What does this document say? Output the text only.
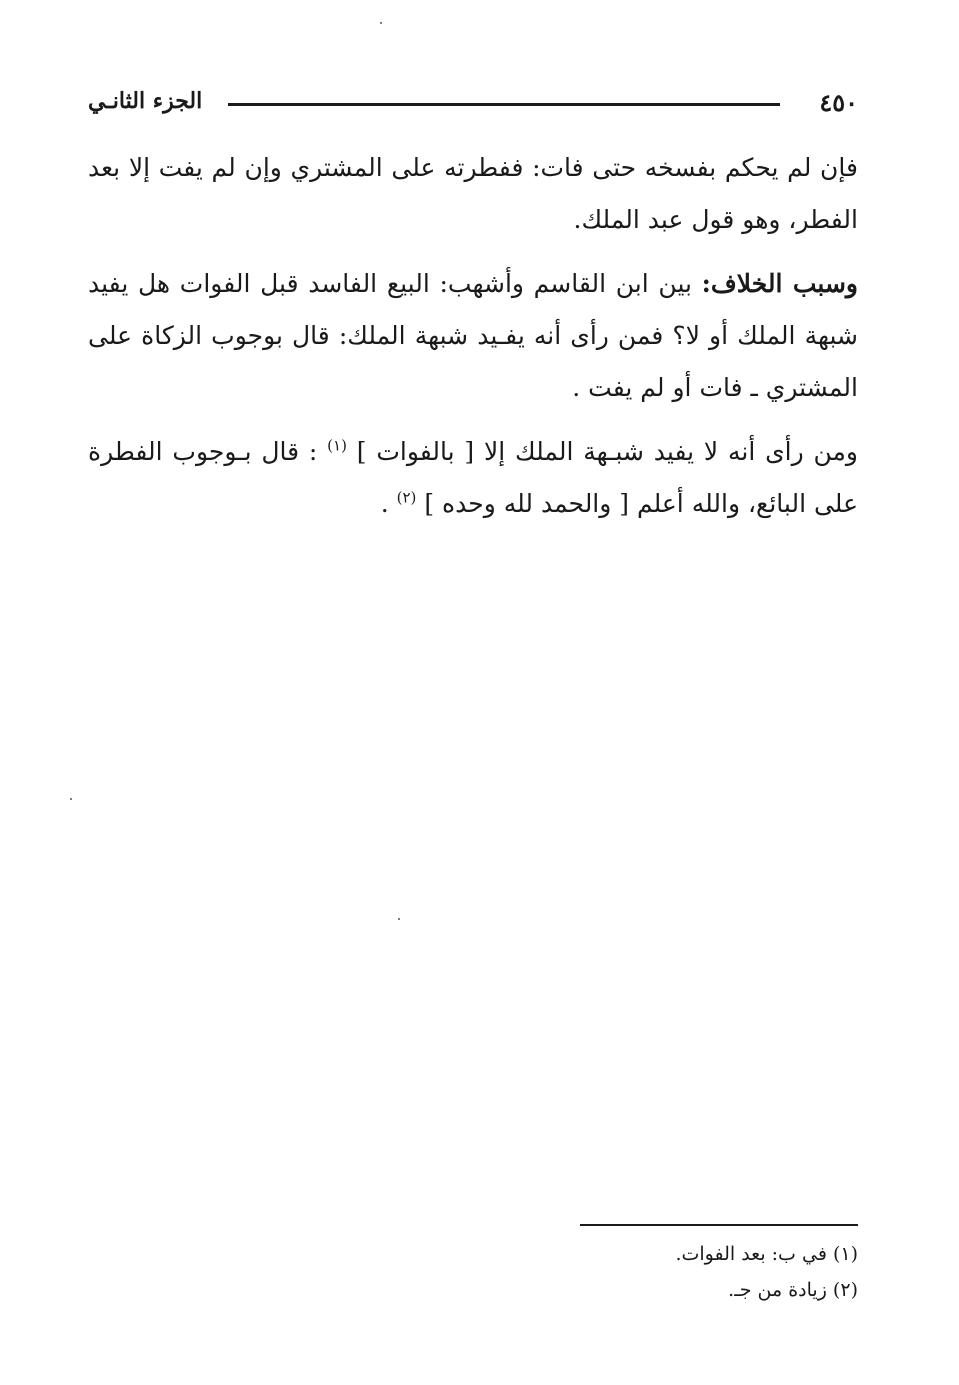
٤٥٠
الجزء الثانـي

فإن لم يحكم بفسخه حتى فات: ففطرته على المشتري وإن لم يفت إلا بعد الفطر، وهو قول عبد الملك.

وسبب الخلاف: بين ابن القاسم وأشهب: البيع الفاسد قبل الفوات هل يفيد شبهة الملك أو لا؟ فمن رأى أنه يفـيد شبهة الملك: قال بوجوب الزكاة على المشتري ـ فات أو لم يفت .

ومن رأى أنه لا يفيد شبـهة الملك إلا [ بالفوات ] $^{(١)}$ : قال بـوجوب الفطرة على البائع، والله أعلم [ والحمد لله وحده ] $^{(٢)}$ .

(١) في ب: بعد الفوات.

(٢) زيادة من جـ.
